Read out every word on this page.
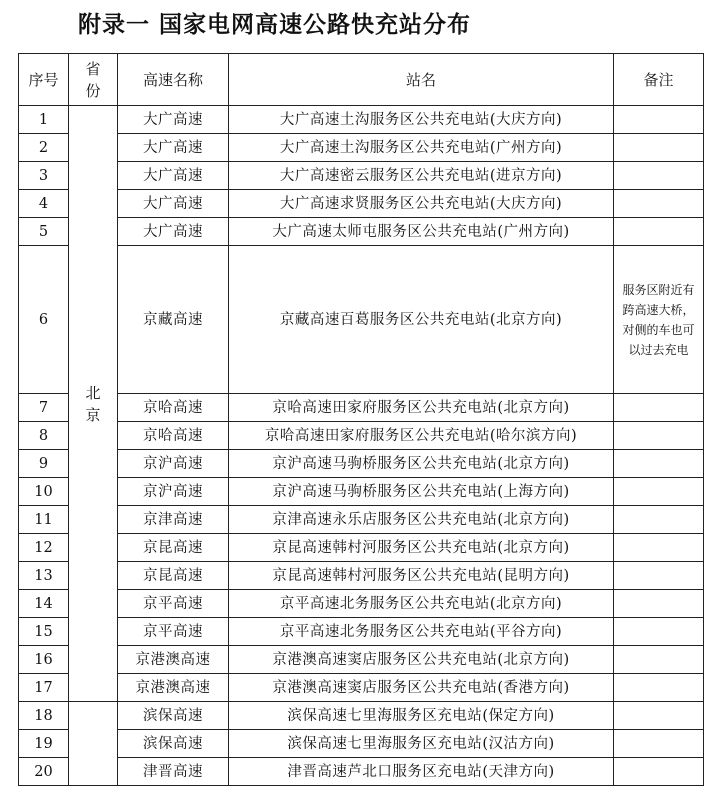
附录一 国家电网高速公路快充站分布
序号	省份	高速名称	站名	备注
1	北京	大广高速	大广高速土沟服务区公共充电站(大庆方向)	
2		大广高速	大广高速土沟服务区公共充电站(广州方向)	
3		大广高速	大广高速密云服务区公共充电站(进京方向)	
4		大广高速	大广高速求贤服务区公共充电站(大庆方向)	
5		大广高速	大广高速太师屯服务区公共充电站(广州方向)	
6		京藏高速	京藏高速百葛服务区公共充电站(北京方向)	服务区附近有跨高速大桥，对侧的车也可以过去充电
7		京哈高速	京哈高速田家府服务区公共充电站(北京方向)	
8		京哈高速	京哈高速田家府服务区公共充电站(哈尔滨方向)	
9		京沪高速	京沪高速马驹桥服务区公共充电站(北京方向)	
10		京沪高速	京沪高速马驹桥服务区公共充电站(上海方向)	
11		京津高速	京津高速永乐店服务区公共充电站(北京方向)	
12		京昆高速	京昆高速韩村河服务区公共充电站(北京方向)	
13		京昆高速	京昆高速韩村河服务区公共充电站(昆明方向)	
14		京平高速	京平高速北务服务区公共充电站(北京方向)	
15		京平高速	京平高速北务服务区公共充电站(平谷方向)	
16		京港澳高速	京港澳高速窦店服务区公共充电站(北京方向)	
17		京港澳高速	京港澳高速窦店服务区公共充电站(香港方向)	
18		滨保高速	滨保高速七里海服务区充电站(保定方向)	
19		滨保高速	滨保高速七里海服务区充电站(汉沽方向)	
20		津晋高速	津晋高速芦北口服务区充电站(天津方向)	
